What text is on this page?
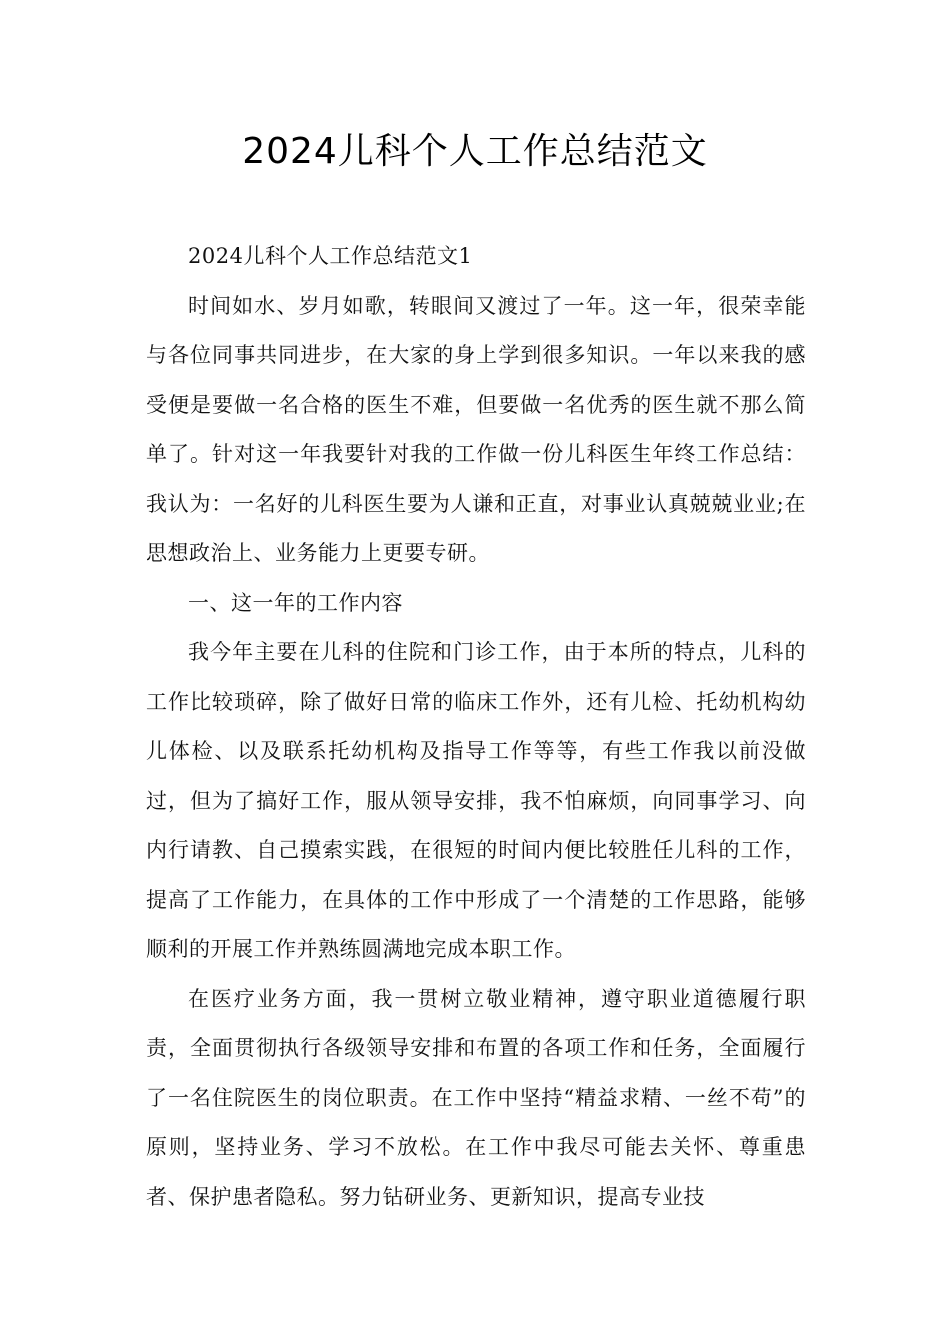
2024儿科个人工作总结范文

2024儿科个人工作总结范文1

时间如水、岁月如歌，转眼间又渡过了一年。这一年，很荣幸能与各位同事共同进步，在大家的身上学到很多知识。一年以来我的感受便是要做一名合格的医生不难，但要做一名优秀的医生就不那么简单了。针对这一年我要针对我的工作做一份儿科医生年终工作总结：我认为：一名好的儿科医生要为人谦和正直，对事业认真兢兢业业;在思想政治上、业务能力上更要专研。

一、这一年的工作内容

我今年主要在儿科的住院和门诊工作，由于本所的特点，儿科的工作比较琐碎，除了做好日常的临床工作外，还有儿检、托幼机构幼儿体检、以及联系托幼机构及指导工作等等，有些工作我以前没做过，但为了搞好工作，服从领导安排，我不怕麻烦，向同事学习、向内行请教、自己摸索实践，在很短的时间内便比较胜任儿科的工作，提高了工作能力，在具体的工作中形成了一个清楚的工作思路，能够顺利的开展工作并熟练圆满地完成本职工作。

在医疗业务方面，我一贯树立敬业精神，遵守职业道德履行职责，全面贯彻执行各级领导安排和布置的各项工作和任务，全面履行了一名住院医生的岗位职责。在工作中坚持“精益求精、一丝不苟”的原则，坚持业务、学习不放松。在工作中我尽可能去关怀、尊重患者、保护患者隐私。努力钻研业务、更新知识，提高专业技
